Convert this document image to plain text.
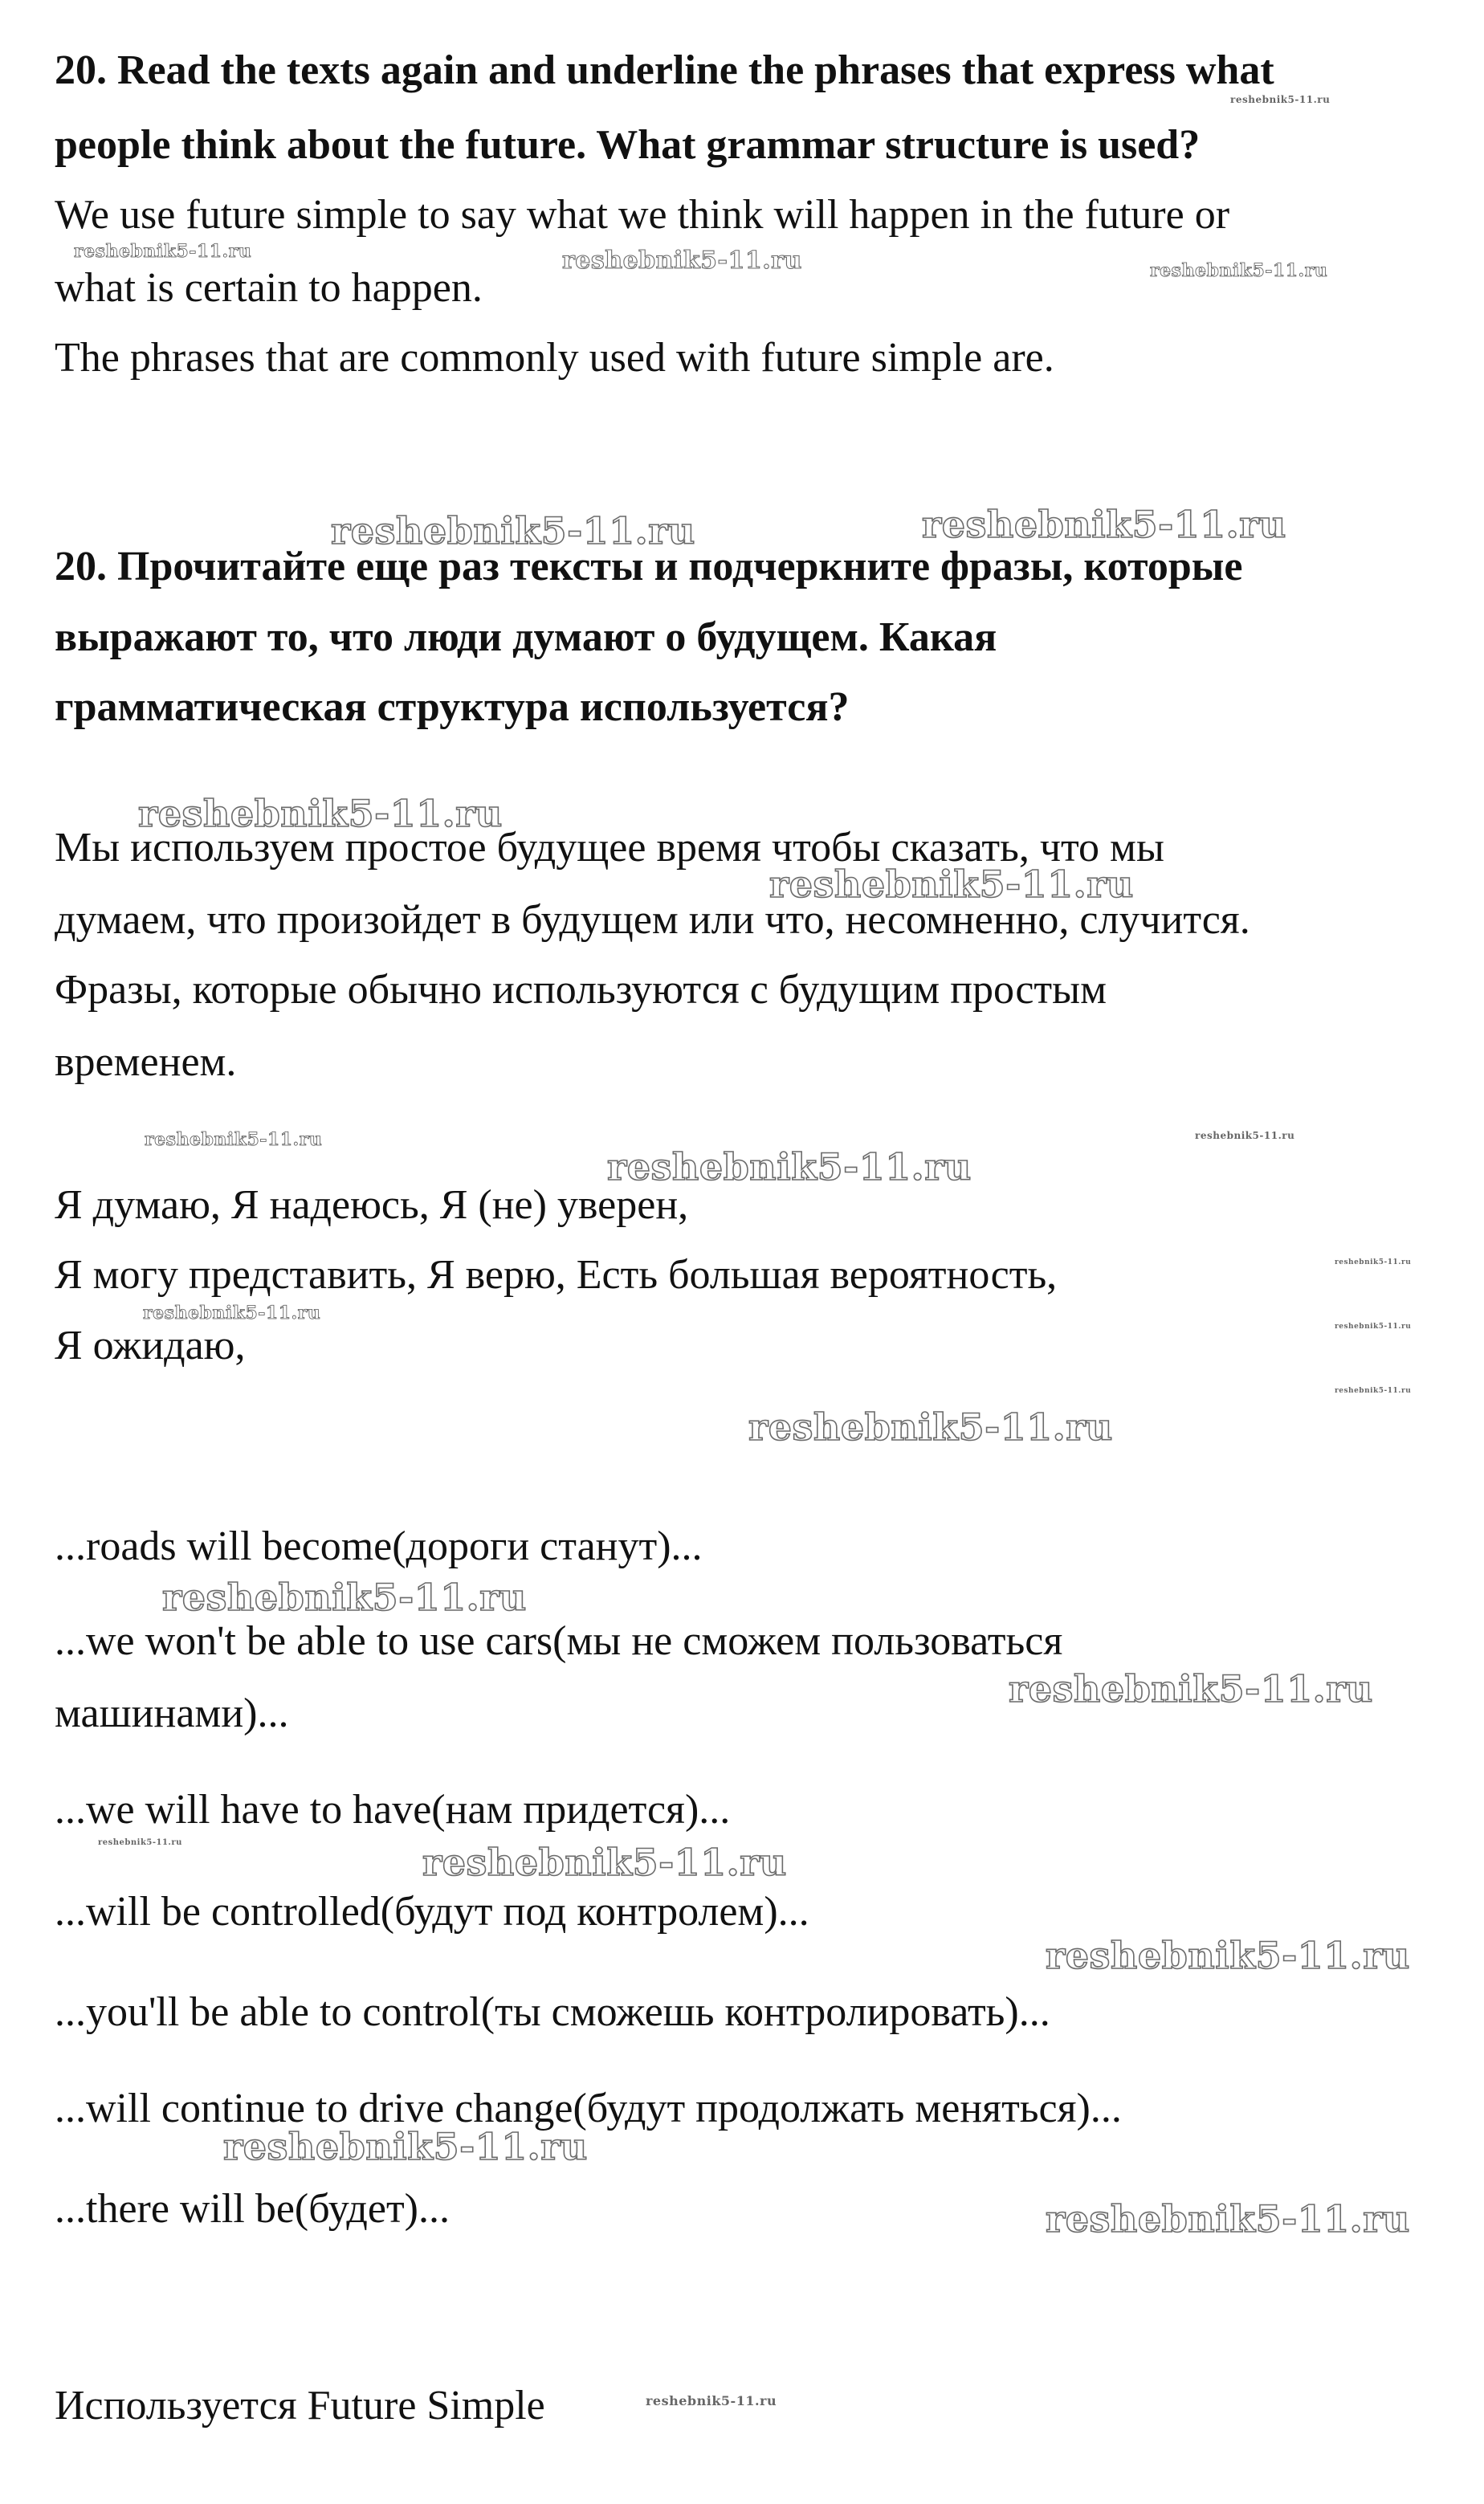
20. Read the texts again and underline the phrases that express what

people think about the future. What grammar structure is used?

We use future simple to say what we think will happen in the future or

what is certain to happen.

The phrases that are commonly used with future simple are.

20. Прочитайте еще раз тексты и подчеркните фразы, которые

выражают то, что люди думают о будущем. Какая

грамматическая структура используется?

Мы используем простое будущее время чтобы сказать, что мы

думаем, что произойдет в будущем или что, несомненно, случится.

Фразы, которые обычно используются с будущим простым

временем.

Я думаю, Я надеюсь, Я (не) уверен,

Я могу представить, Я верю, Есть большая вероятность,

Я ожидаю,

...roads will become(дороги станут)...

...we won't be able to use cars(мы не сможем пользоваться

машинами)...

...we will have to have(нам придется)...

...will be controlled(будут под контролем)...

...you'll be able to control(ты сможешь контролировать)...

...will continue to drive change(будут продолжать меняться)...

...there will be(будет)...

Используется Future Simple

reshebnik5-11.ru
reshebnik5-11.ru	reshebnik5-11.ru	reshebnik5-11.ru
reshebnik5-11.ru	reshebnik5-11.ru
reshebnik5-11.ru
reshebnik5-11.ru
reshebnik5-11.ru
reshebnik5-11.ru
reshebnik5-11.ru
reshebnik5-11.ru
reshebnik5-11.ru
reshebnik5-11.ru
reshebnik5-11.ru
reshebnik5-11.ru
reshebnik5-11.ru
reshebnik5-11.ru
reshebnik5-11.ru	reshebnik5-11.ru
reshebnik5-11.ru
reshebnik5-11.ru
reshebnik5-11.ru
reshebnik5-11.ru
